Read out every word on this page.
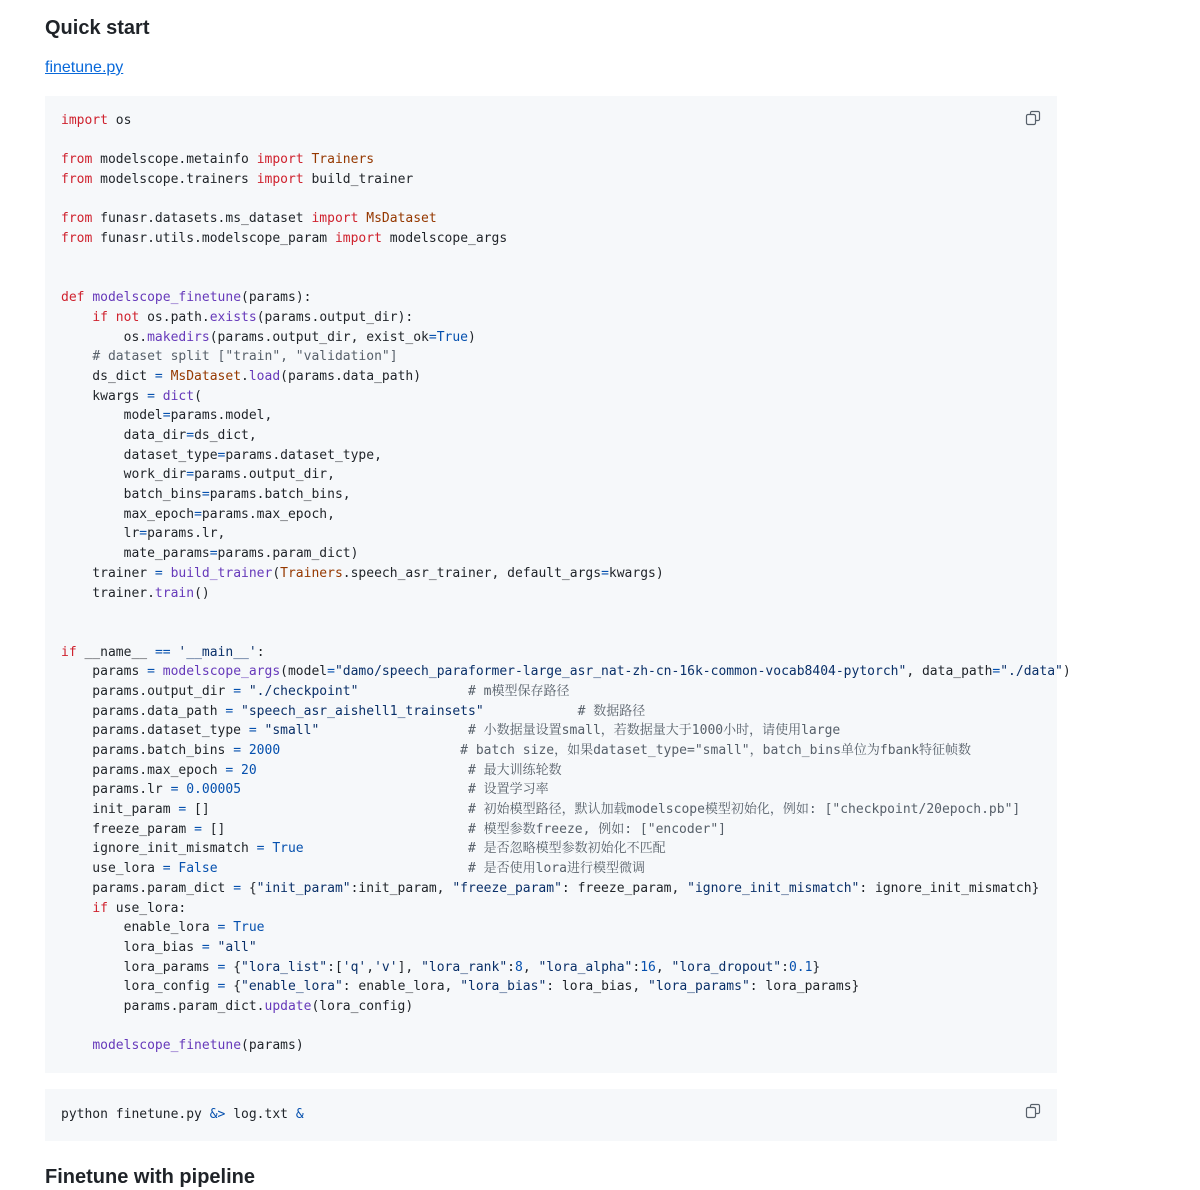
Quick start
finetune.py
import os

from modelscope.metainfo import Trainers
from modelscope.trainers import build_trainer

from funasr.datasets.ms_dataset import MsDataset
from funasr.utils.modelscope_param import modelscope_args

def modelscope_finetune(params):
if not os.path.exists(params.output_dir):
os.makedirs(params.output_dir, exist_ok=True)
# dataset split ["train", "validation"]
ds_dict = MsDataset.load(params.data_path)
kwargs = dict(
model=params.model,
data_dir=ds_dict,
dataset_type=params.dataset_type,
work_dir=params.output_dir,
batch_bins=params.batch_bins,
max_epoch=params.max_epoch,
lr=params.lr,
mate_params=params.param_dict)
trainer = build_trainer(Trainers.speech_asr_trainer, default_args=kwargs)
trainer.train()

if __name__ == '__main__':
params = modelscope_args(model="damo/speech_paraformer-large_asr_nat-zh-cn-16k-common-vocab8404-pytorch", data_path="./data")
params.output_dir = "./checkpoint"	# m模型保存路径
params.data_path = "speech_asr_aishell1_trainsets"	# 数据路径
params.dataset_type = "small"	# 小数据量设置small，若数据量大于1000小时，请使用large
params.batch_bins = 2000	# batch size，如果dataset_type="small"，batch_bins单位为fbank特征帧数
params.max_epoch = 20	# 最大训练轮数
params.lr = 0.00005	# 设置学习率
init_param = []                                 # 初始模型路径，默认加载modelscope模型初始化，例如: ["checkpoint/20epoch.pb"]
freeze_param = []                               # 模型参数freeze, 例如: ["encoder"]
ignore_init_mismatch = True	# 是否忽略模型参数初始化不匹配
use_lora = False	# 是否使用lora进行模型微调
params.param_dict = {"init_param":init_param, "freeze_param": freeze_param, "ignore_init_mismatch": ignore_init_mismatch}
if use_lora:
enable_lora = True
lora_bias = "all"
lora_params = {"lora_list":['q','v'], "lora_rank":8, "lora_alpha":16, "lora_dropout":0.1}
lora_config = {"enable_lora": enable_lora, "lora_bias": lora_bias, "lora_params": lora_params}
params.param_dict.update(lora_config)

modelscope_finetune(params)
python finetune.py &> log.txt &
Finetune with pipeline
